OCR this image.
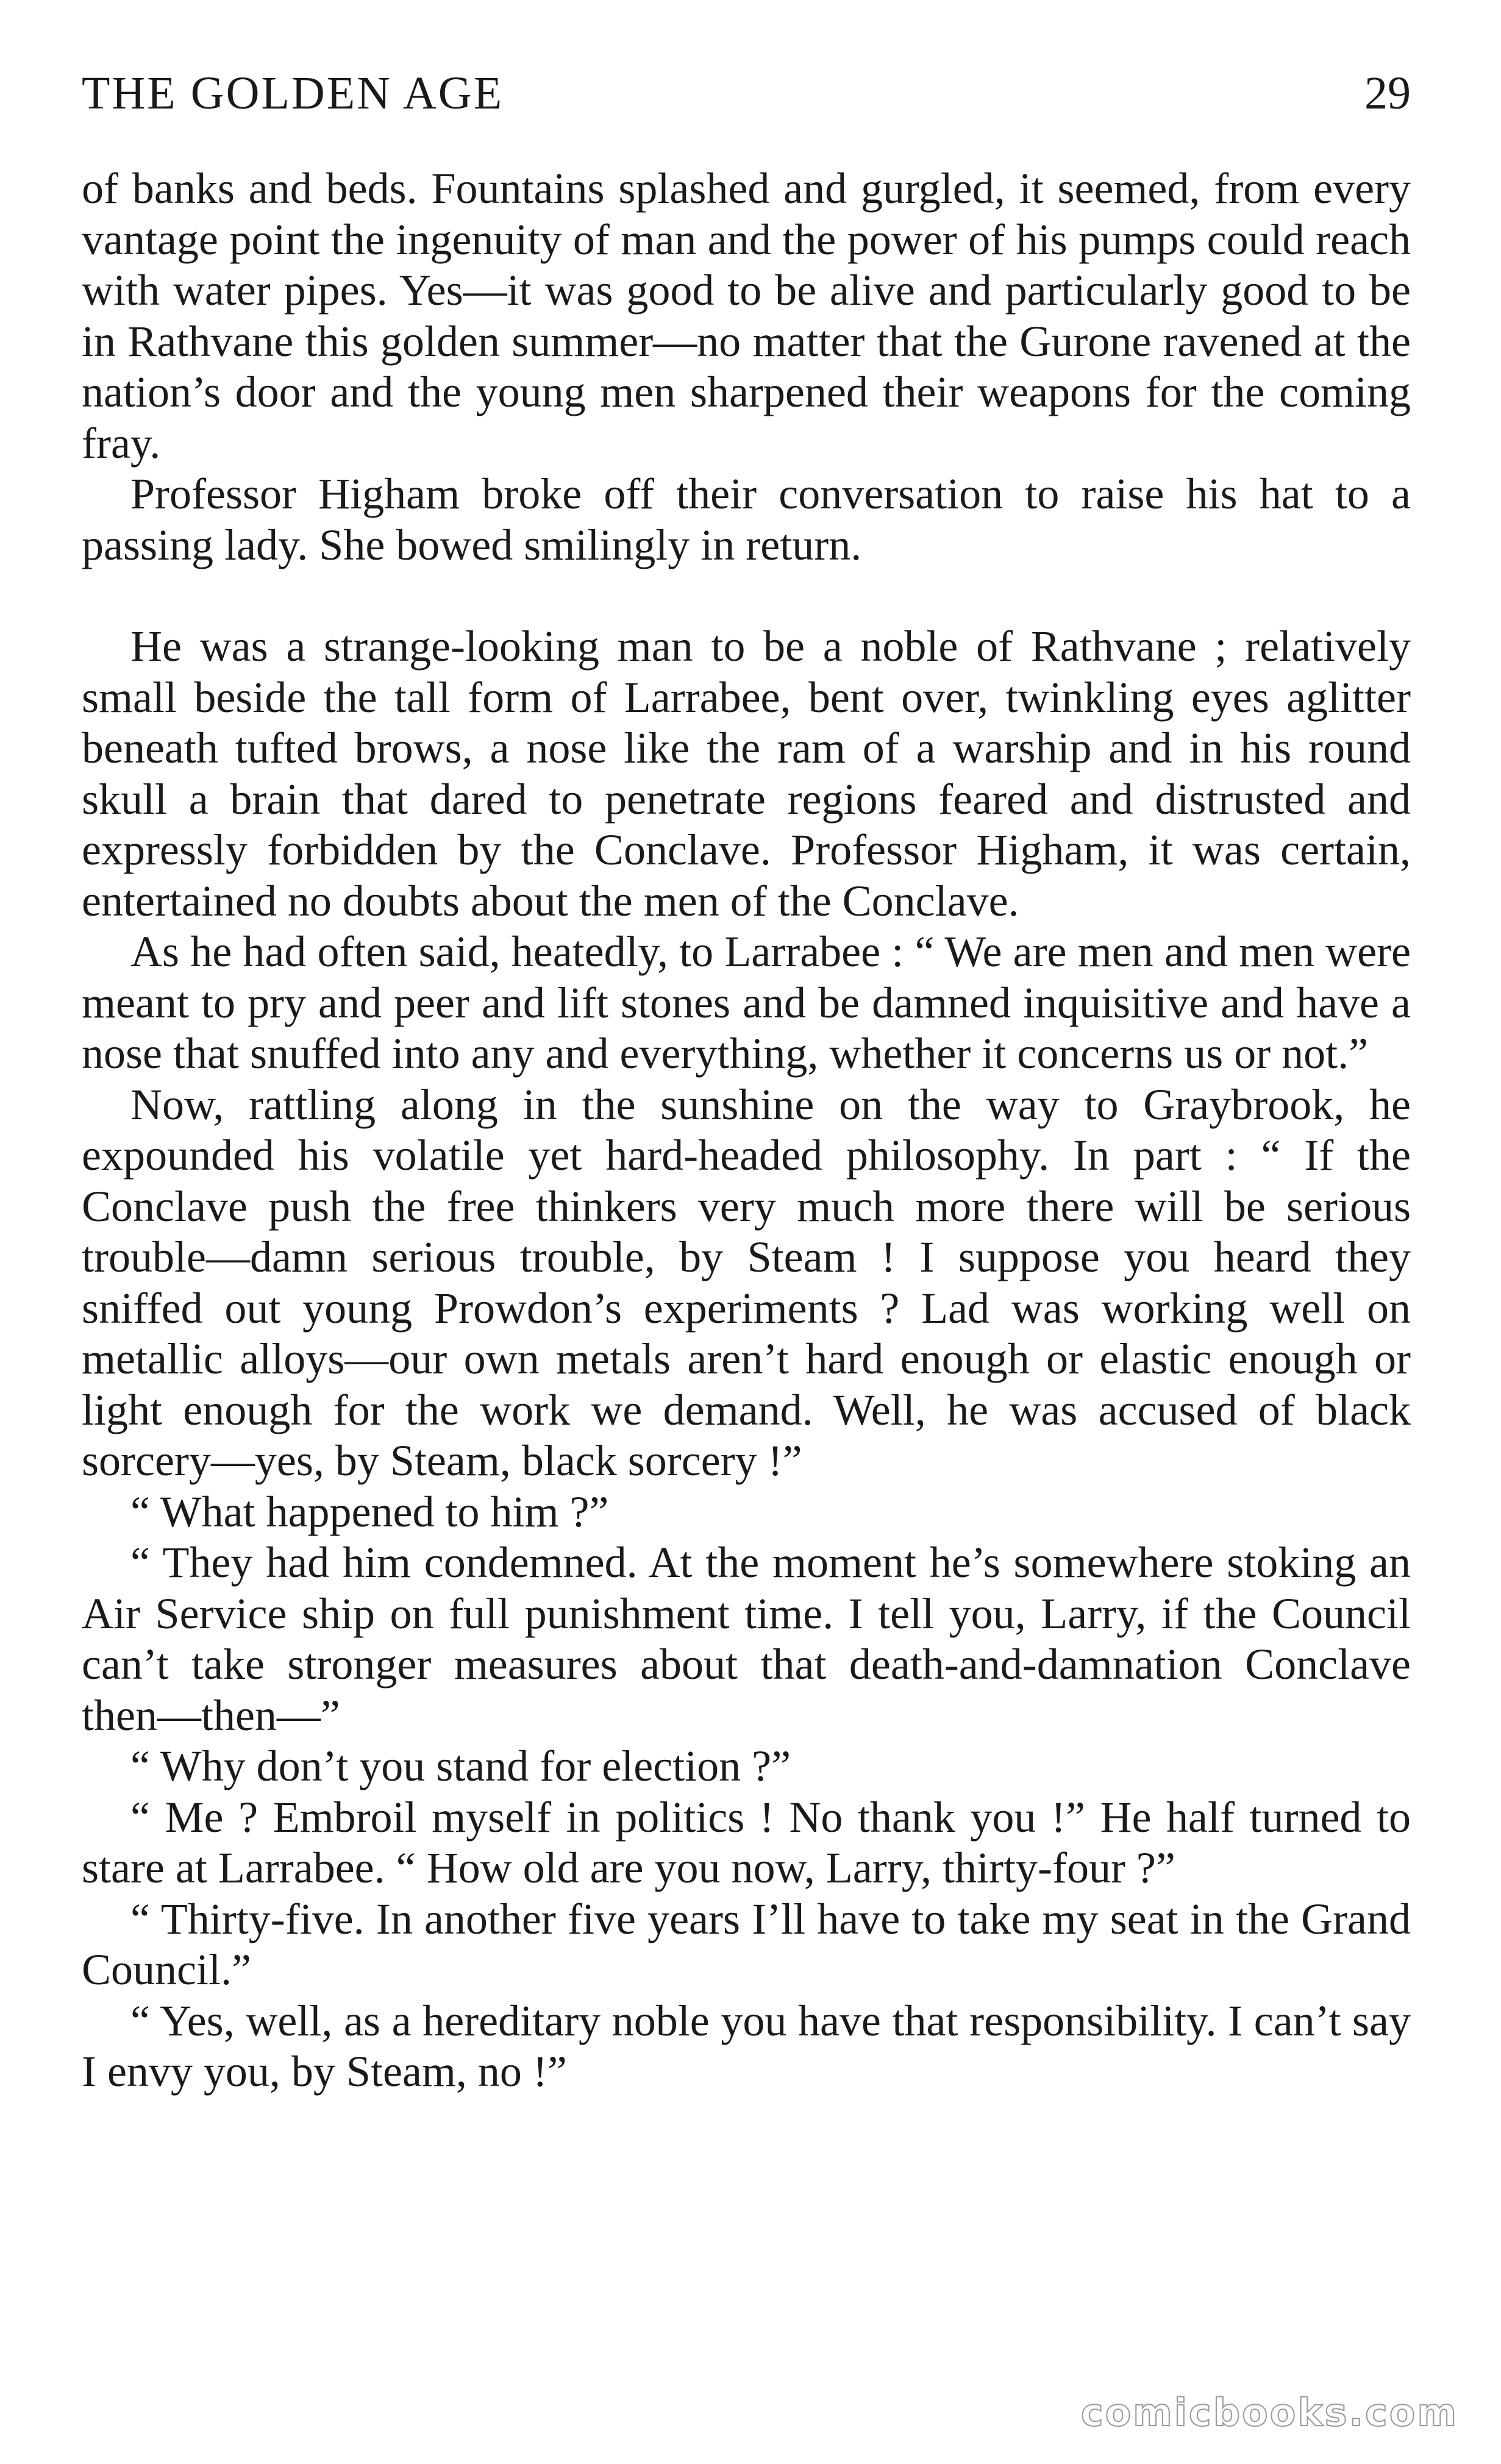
THE GOLDEN AGE	29

of banks and beds. Fountains splashed and gurgled, it seemed, from every vantage point the ingenuity of man and the power of his pumps could reach with water pipes. Yes—it was good to be alive and particularly good to be in Rathvane this golden summer—no matter that the Gurone ravened at the nation’s door and the young men sharpened their weapons for the coming fray.

Professor Higham broke off their conversation to raise his hat to a passing lady. She bowed smilingly in return.

He was a strange-looking man to be a noble of Rathvane ; relatively small beside the tall form of Larrabee, bent over, twinkling eyes aglitter beneath tufted brows, a nose like the ram of a warship and in his round skull a brain that dared to penetrate regions feared and distrusted and expressly forbidden by the Conclave. Professor Higham, it was certain, entertained no doubts about the men of the Conclave.

As he had often said, heatedly, to Larrabee : “ We are men and men were meant to pry and peer and lift stones and be damned inquisitive and have a nose that snuffed into any and everything, whether it concerns us or not.”

Now, rattling along in the sunshine on the way to Graybrook, he expounded his volatile yet hard-headed philosophy. In part : “ If the Conclave push the free thinkers very much more there will be serious trouble—damn serious trouble, by Steam ! I suppose you heard they sniffed out young Prowdon’s experiments ? Lad was working well on metallic alloys—our own metals aren’t hard enough or elastic enough or light enough for the work we demand. Well, he was accused of black sorcery—yes, by Steam, black sorcery !”

“ What happened to him ?”

“ They had him condemned. At the moment he’s somewhere stoking an Air Service ship on full punishment time. I tell you, Larry, if the Council can’t take stronger measures about that death-and-damnation Conclave then—then—”

“ Why don’t you stand for election ?”

“ Me ? Embroil myself in politics ! No thank you !” He half turned to stare at Larrabee. “ How old are you now, Larry, thirty-four ?”

“ Thirty-five. In another five years I’ll have to take my seat in the Grand Council.”

“ Yes, well, as a hereditary noble you have that responsibility. I can’t say I envy you, by Steam, no !”

comicbooks.com
